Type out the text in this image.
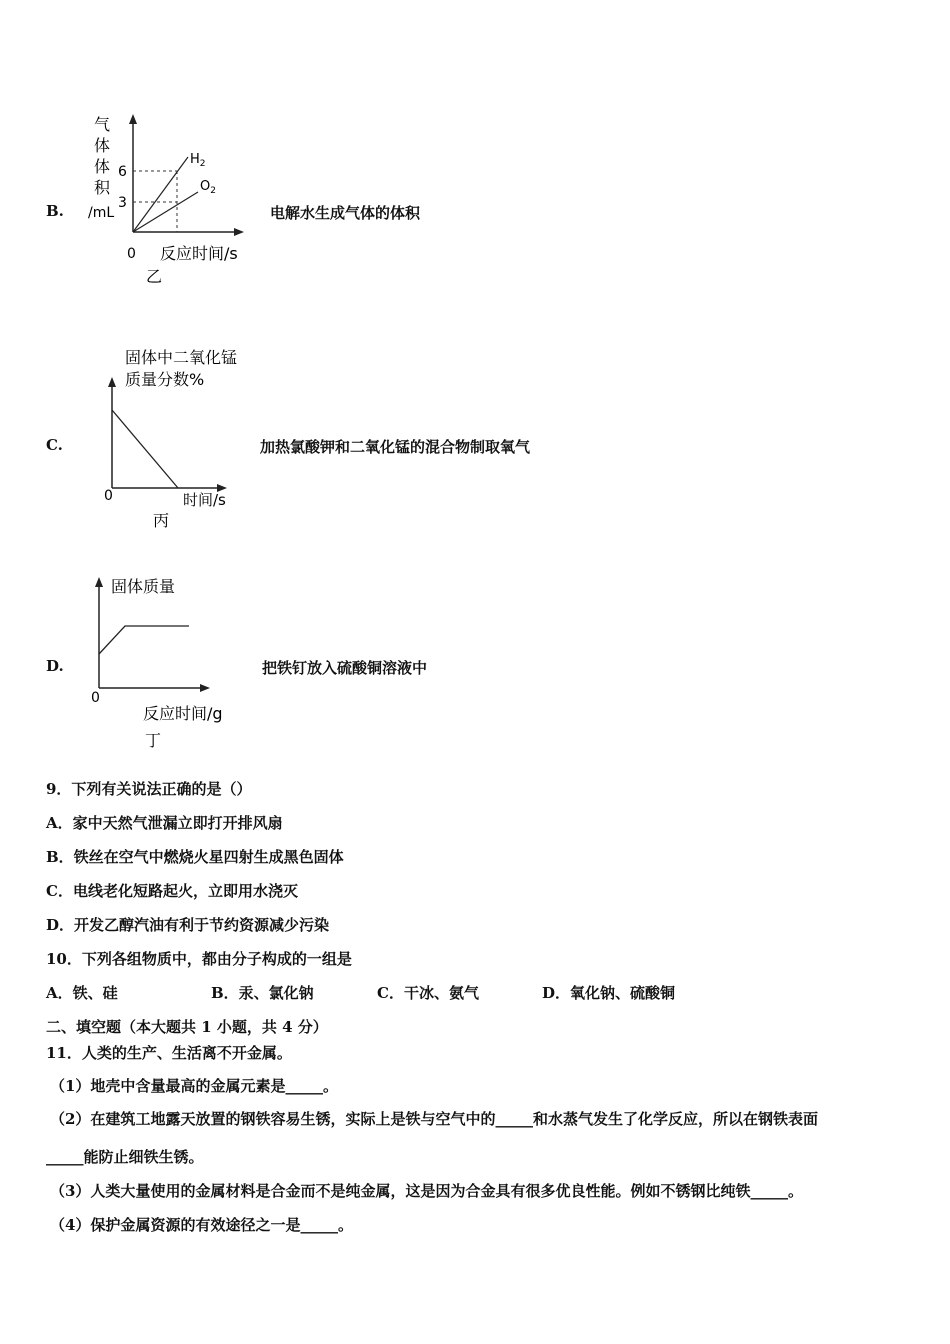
B.	电解水生成气体的体积
气
体
体
积
/mL
6
3
$H_2$
$O_2$
0 反应时间/s
乙
C.	加热氯酸钾和二氧化锰的混合物制取氧气
固体中二氧化锰
质量分数%
0	时间/s
丙
D.	把铁钉放入硫酸铜溶液中
固体质量
0
反应时间/g
丁
9．下列有关说法正确的是（）
A．家中天然气泄漏立即打开排风扇
B．铁丝在空气中燃烧火星四射生成黑色固体
C．电线老化短路起火，立即用水浇灭
D．开发乙醇汽油有利于节约资源减少污染
10．下列各组物质中，都由分子构成的一组是
A．铁、硅	B．汞、氯化钠	C．干冰、氨气	D．氧化钠、硫酸铜
二、填空题（本大题共 1 小题，共 4 分）
11．人类的生产、生活离不开金属。
（1）地壳中含量最高的金属元素是_____。
（2）在建筑工地露天放置的钢铁容易生锈，实际上是铁与空气中的_____和水蒸气发生了化学反应，所以在钢铁表面
_____能防止细铁生锈。
（3）人类大量使用的金属材料是合金而不是纯金属，这是因为合金具有很多优良性能。例如不锈钢比纯铁_____。
（4）保护金属资源的有效途径之一是_____。
